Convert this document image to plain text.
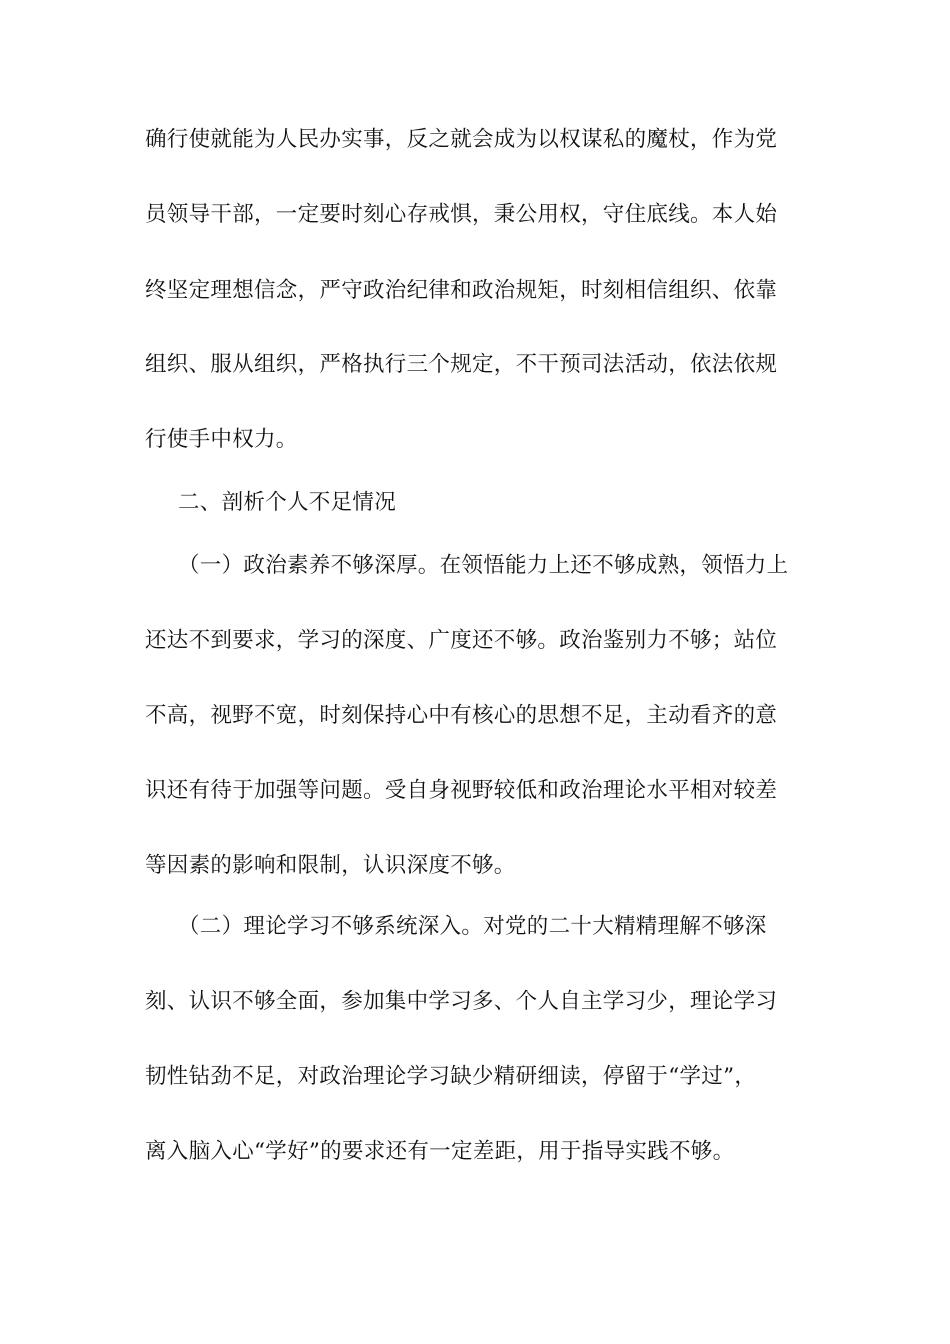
确行使就能为人民办实事，反之就会成为以权谋私的魔杖，作为党
员领导干部，一定要时刻心存戒惧，秉公用权，守住底线。本人始
终坚定理想信念，严守政治纪律和政治规矩，时刻相信组织、依靠
组织、服从组织，严格执行三个规定，不干预司法活动，依法依规
行使手中权力。
二、剖析个人不足情况
（一）政治素养不够深厚。在领悟能力上还不够成熟，领悟力上
还达不到要求，学习的深度、广度还不够。政治鉴别力不够；站位
不高，视野不宽，时刻保持心中有核心的思想不足，主动看齐的意
识还有待于加强等问题。受自身视野较低和政治理论水平相对较差
等因素的影响和限制，认识深度不够。
（二）理论学习不够系统深入。对党的二十大精精理解不够深
刻、认识不够全面，参加集中学习多、个人自主学习少，理论学习
韧性钻劲不足，对政治理论学习缺少精研细读，停留于“学过”，
离入脑入心“学好”的要求还有一定差距，用于指导实践不够。
